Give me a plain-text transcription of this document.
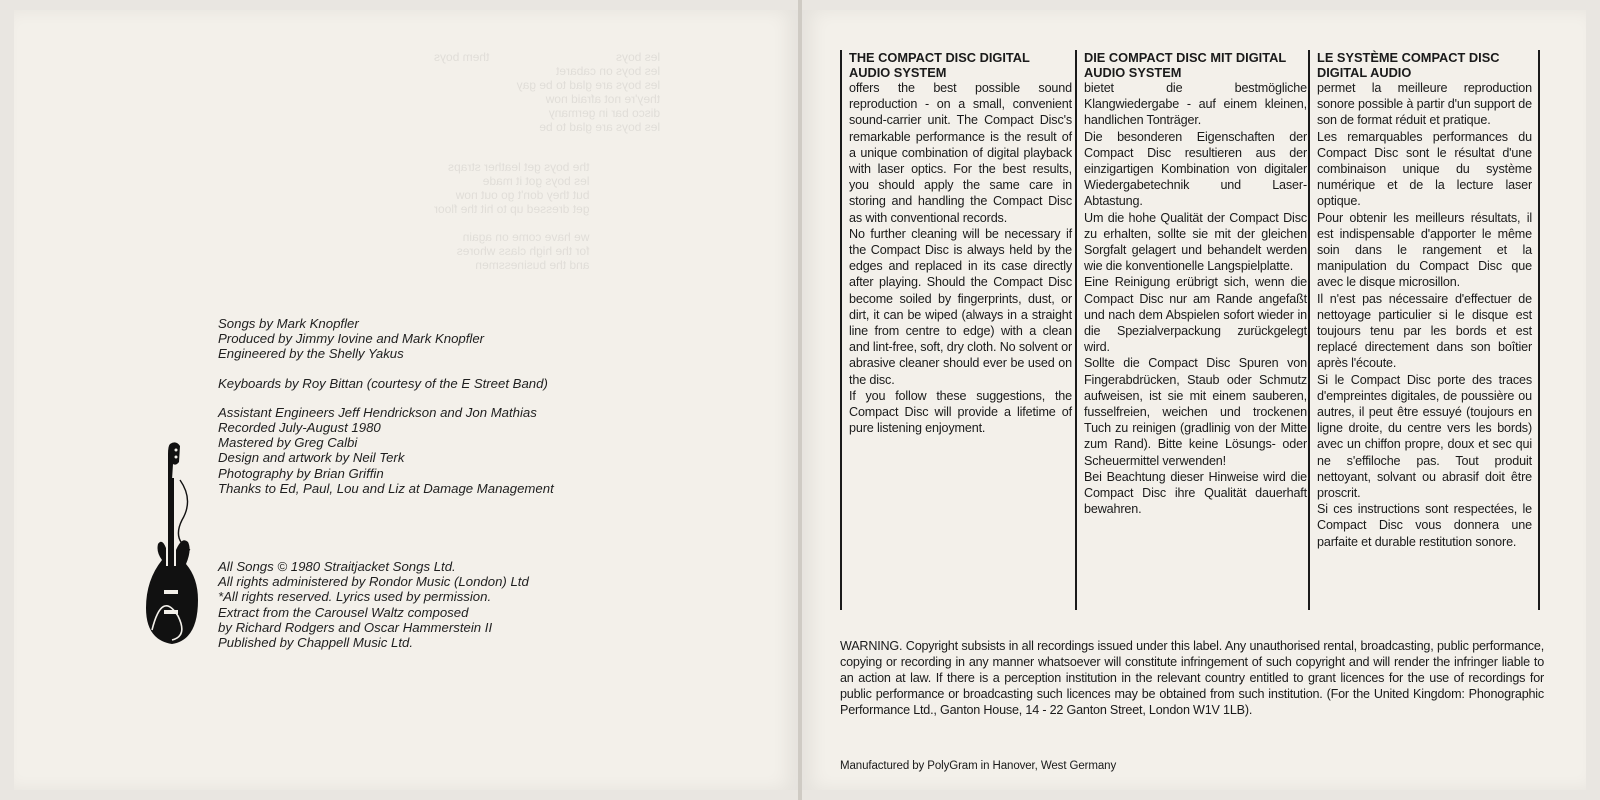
les boys                                      them boys
les boys on cabaret
les boys are glad to be gay
they're not afraid now
disco bar in germany
les boys are glad to be

the boys get leather straps
les boys got it made
but they don't go out now
get dressed up to hit the floor

we have come on again
for the high class whores
and the businessmen

Songs by Mark Knopfler
Produced by Jimmy Iovine and Mark Knopfler
Engineered by the Shelly Yakus
Keyboards by Roy Bittan (courtesy of the E Street Band)
Assistant Engineers Jeff Hendrickson and Jon Mathias
Recorded July-August 1980
Mastered by Greg Calbi
Design and artwork by Neil Terk
Photography by Brian Griffin
Thanks to Ed, Paul, Lou and Liz at Damage Management
All Songs © 1980 Straitjacket Songs Ltd.
All rights administered by Rondor Music (London) Ltd
*All rights reserved. Lyrics used by permission.
Extract from the Carousel Waltz composed
by Richard Rodgers and Oscar Hammerstein II
Published by Chappell Music Ltd.
THE COMPACT DISC DIGITAL
AUDIO SYSTEM

offers the best possible sound reproduction - on a small, convenient sound-carrier unit. The Compact Disc's remarkable performance is the result of a unique combination of digital playback with laser optics. For the best results, you should apply the same care in storing and handling the Compact Disc as with conventional records.

No further cleaning will be necessary if the Compact Disc is always held by the edges and replaced in its case directly after playing. Should the Compact Disc become soiled by fingerprints, dust, or dirt, it can be wiped (always in a straight line from centre to edge) with a clean and lint-free, soft, dry cloth. No solvent or abrasive cleaner should ever be used on the disc.

If you follow these suggestions, the Compact Disc will provide a lifetime of pure listening enjoyment.

DIE COMPACT DISC MIT DIGITAL
AUDIO SYSTEM

bietet die bestmögliche Klangwiedergabe - auf einem kleinen, handlichen Tonträger.

Die besonderen Eigenschaften der Compact Disc resultieren aus der einzigartigen Kombination von digitaler Wiedergabetechnik und Laser-Abtastung.

Um die hohe Qualität der Compact Disc zu erhalten, sollte sie mit der gleichen Sorgfalt gelagert und behandelt werden wie die konventionelle Langspielplatte.

Eine Reinigung erübrigt sich, wenn die Compact Disc nur am Rande angefaßt und nach dem Abspielen sofort wieder in die Spezialverpackung zurückgelegt wird.

Sollte die Compact Disc Spuren von Fingerabdrücken, Staub oder Schmutz aufweisen, ist sie mit einem sauberen, fusselfreien, weichen und trockenen Tuch zu reinigen (gradlinig von der Mitte zum Rand). Bitte keine Lösungs- oder Scheuermittel verwenden!

Bei Beachtung dieser Hinweise wird die Compact Disc ihre Qualität dauerhaft bewahren.

LE SYSTÈME COMPACT DISC
DIGITAL AUDIO

permet la meilleure reproduction sonore possible à partir d'un support de son de format réduit et pratique.

Les remarquables performances du Compact Disc sont le résultat d'une combinaison unique du système numérique et de la lecture laser optique.

Pour obtenir les meilleurs résultats, il est indispensable d'apporter le même soin dans le rangement et la manipulation du Compact Disc que avec le disque microsillon.

Il n'est pas nécessaire d'effectuer de nettoyage particulier si le disque est toujours tenu par les bords et est replacé directement dans son boîtier après l'écoute.

Si le Compact Disc porte des traces d'empreintes digitales, de poussière ou autres, il peut être essuyé (toujours en ligne droite, du centre vers les bords) avec un chiffon propre, doux et sec qui ne s'effiloche pas. Tout produit nettoyant, solvant ou abrasif doit être proscrit.

Si ces instructions sont respectées, le Compact Disc vous donnera une parfaite et durable restitution sonore.

WARNING. Copyright subsists in all recordings issued under this label. Any unauthorised rental, broadcasting, public performance, copying or recording in any manner whatsoever will constitute infringement of such copyright and will render the infringer liable to an action at law. If there is a perception institution in the relevant country entitled to grant licences for the use of recordings for public performance or broadcasting such licences may be obtained from such institution. (For the United Kingdom: Phonographic Performance Ltd., Ganton House, 14 - 22 Ganton Street, London W1V 1LB).
Manufactured by PolyGram in Hanover, West Germany
